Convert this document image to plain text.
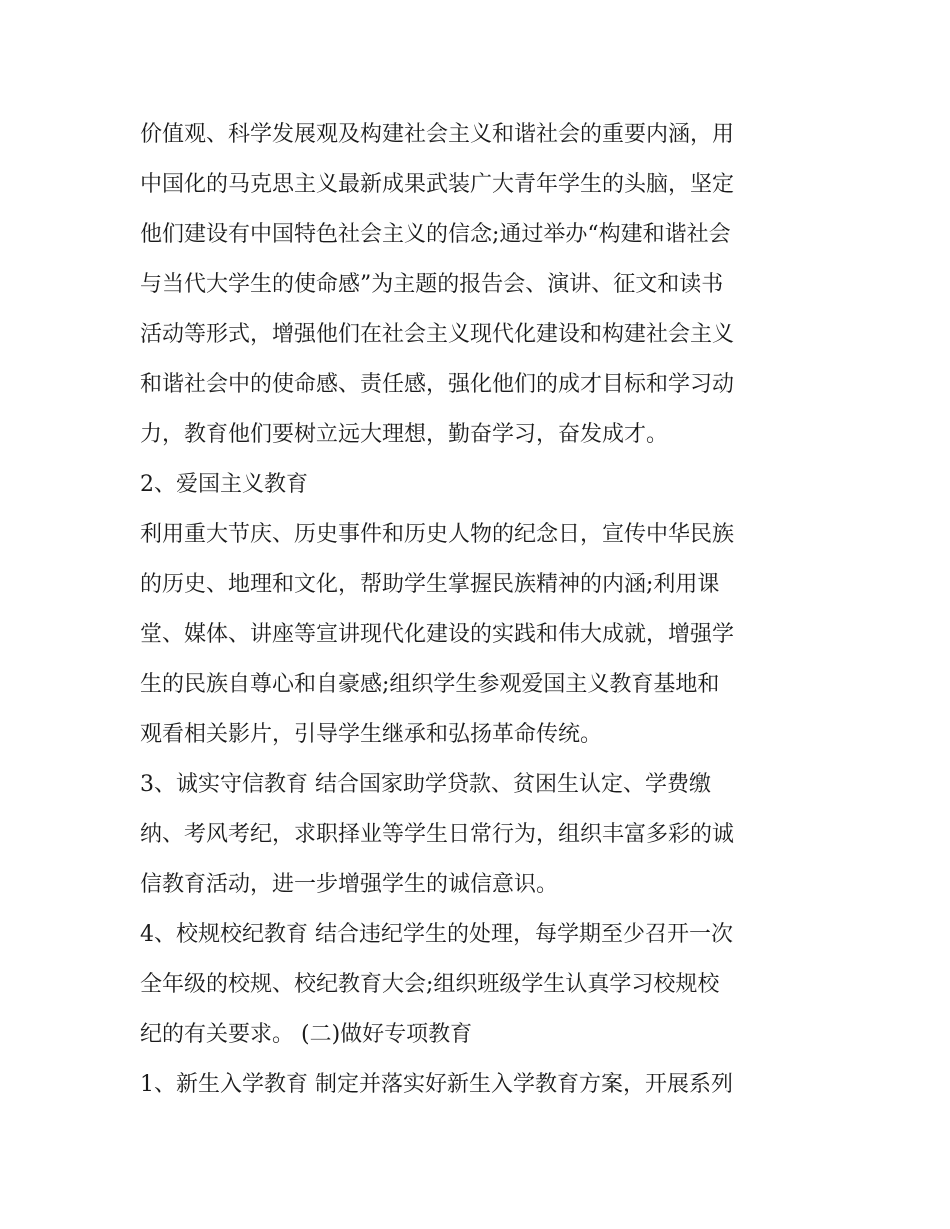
价值观、科学发展观及构建社会主义和谐社会的重要内涵，用
中国化的马克思主义最新成果武装广大青年学生的头脑，坚定
他们建设有中国特色社会主义的信念;通过举办“构建和谐社会
与当代大学生的使命感”为主题的报告会、演讲、征文和读书
活动等形式，增强他们在社会主义现代化建设和构建社会主义
和谐社会中的使命感、责任感，强化他们的成才目标和学习动
力，教育他们要树立远大理想，勤奋学习，奋发成才。
2、爱国主义教育
利用重大节庆、历史事件和历史人物的纪念日，宣传中华民族
的历史、地理和文化，帮助学生掌握民族精神的内涵;利用课
堂、媒体、讲座等宣讲现代化建设的实践和伟大成就，增强学
生的民族自尊心和自豪感;组织学生参观爱国主义教育基地和
观看相关影片，引导学生继承和弘扬革命传统。
3、诚实守信教育 结合国家助学贷款、贫困生认定、学费缴
纳、考风考纪，求职择业等学生日常行为，组织丰富多彩的诚
信教育活动，进一步增强学生的诚信意识。
4、校规校纪教育 结合违纪学生的处理，每学期至少召开一次
全年级的校规、校纪教育大会;组织班级学生认真学习校规校
纪的有关要求。 (二)做好专项教育
1、新生入学教育 制定并落实好新生入学教育方案，开展系列
